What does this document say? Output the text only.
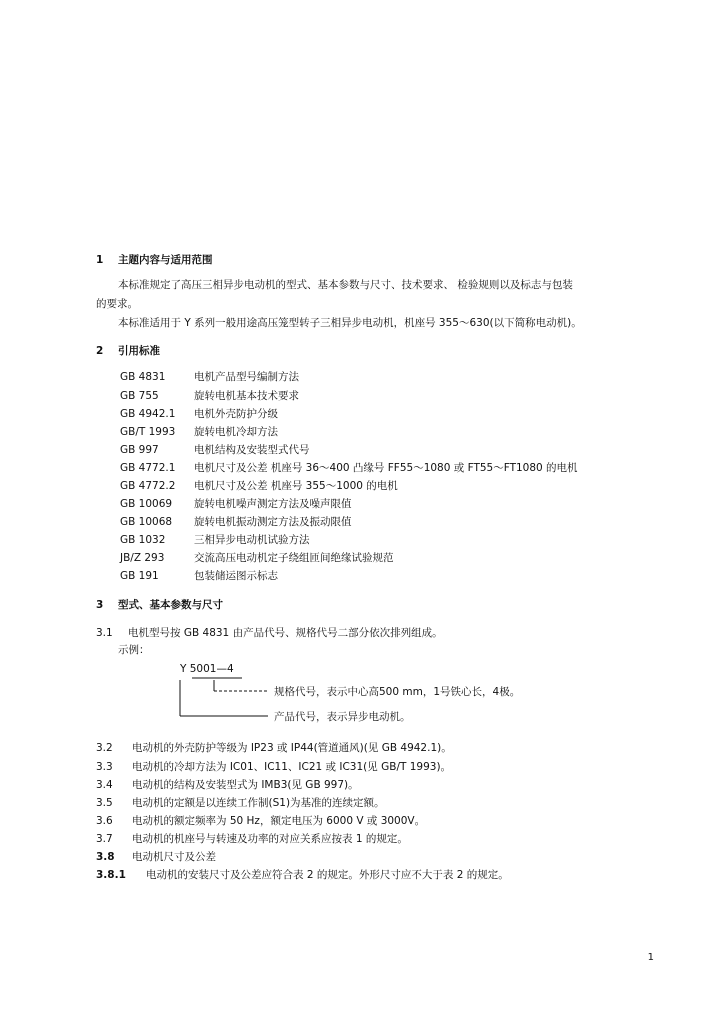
1 主题内容与适用范围
本标准规定了高压三相异步电动机的型式、基本参数与尺寸、技术要求、 检验规则以及标志与包装
的要求。
本标准适用于 Y 系列一般用途高压笼型转子三相异步电动机，机座号 355～630(以下简称电动机)。
2 引用标准
GB 4831	电机产品型号编制方法
GB 755	旋转电机基本技术要求
GB 4942.1 电机外壳防护分级
GB/T 1993 旋转电机冷却方法
GB 997	电机结构及安装型式代号
GB 4772.1 电机尺寸及公差 机座号 36～400 凸缘号 FF55～1080 或 FT55～FT1080 的电机
GB 4772.2 电机尺寸及公差 机座号 355～1000 的电机
GB 10069 旋转电机噪声测定方法及噪声限值
GB 10068 旋转电机振动测定方法及振动限值
GB 1032	三相异步电动机试验方法
JB/Z 293	交流高压电动机定子绕组匝间绝缘试验规范
GB 191	包装储运图示标志
3 型式、基本参数与尺寸
3.1 电机型号按 GB 4831 由产品代号、规格代号二部分依次排列组成。
示例：
Y 5001—4
规格代号，表示中心高500 mm，1号铁心长，4极。
产品代号，表示异步电动机。
3.2 电动机的外壳防护等级为 IP23 或 IP44(管道通风)(见 GB 4942.1)。
3.3 电动机的冷却方法为 IC01、IC11、IC21 或 IC31(见 GB/T 1993)。
3.4 电动机的结构及安装型式为 IMB3(见 GB 997)。
3.5 电动机的定额是以连续工作制(S1)为基准的连续定额。
3.6 电动机的额定频率为 50 Hz，额定电压为 6000 V 或 3000V。
3.7 电动机的机座号与转速及功率的对应关系应按表 1 的规定。
3.8 电动机尺寸及公差
3.8.1 电动机的安装尺寸及公差应符合表 2 的规定。外形尺寸应不大于表 2 的规定。
1
